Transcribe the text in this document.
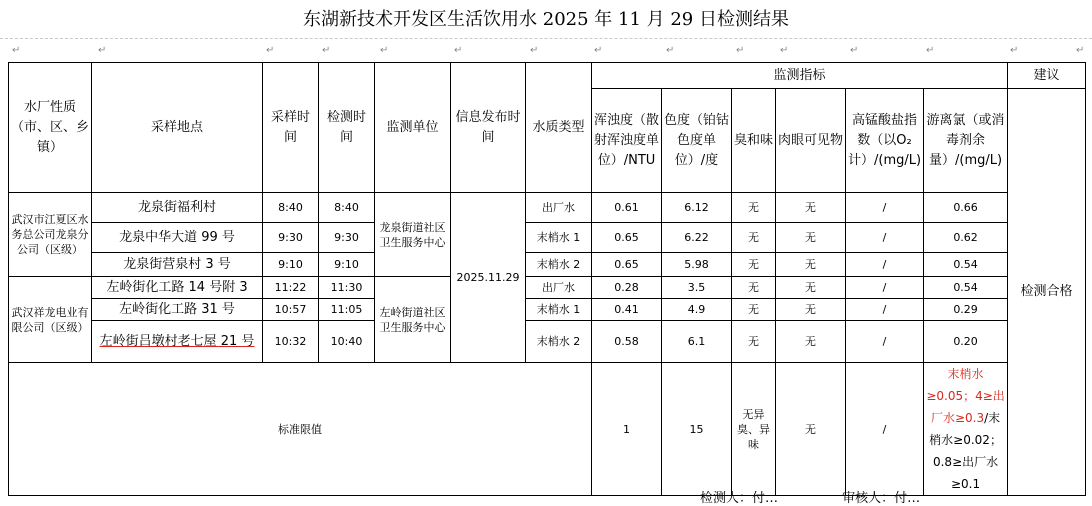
东湖新技术开发区生活饮用水 2025 年 11 月 29 日检测结果
↵	↵	↵	↵	↵	↵	↵	↵	↵	↵	↵	↵	↵	↵	↵
水厂性质（市、区、乡镇）	采样地点	采样时间	检测时间	监测单位	信息发布时间	水质类型	监测指标						建议
							浑浊度（散射浑浊度单位）/NTU	色度（铂钴色度单位）/度	臭和味	肉眼可见物	高锰酸盐指数（以O₂计）/(mg/L)	游离氯（或消毒剂余量）/(mg/L)	检测合格
武汉市江夏区水务总公司龙泉分公司（区级）	龙泉街福利村	8:40	8:40	龙泉街道社区卫生服务中心	2025.11.29	出厂水	0.61	6.12	无	无	/	0.66	
	龙泉中华大道 99 号	9:30	9:30			末梢水 1	0.65	6.22	无	无	/	0.62	
	龙泉街营泉村 3 号	9:10	9:10			末梢水 2	0.65	5.98	无	无	/	0.54	
武汉祥龙电业有限公司（区级）	左岭街化工路 14 号附 3	11:22	11:30	左岭街道社区卫生服务中心		出厂水	0.28	3.5	无	无	/	0.54	
	左岭街化工路 31 号	10:57	11:05			末梢水 1	0.41	4.9	无	无	/	0.29	
	左岭街吕墩村老七屋 21 号	10:32	10:40			末梢水 2	0.58	6.1	无	无	/	0.20	
标准限值							1	15	无异臭、异味	无	/	末梢水≥0.05；4≥出厂水≥0.3/末梢水≥0.02；0.8≥出厂水≥0.1	
检测人：付…	审核人：付…
